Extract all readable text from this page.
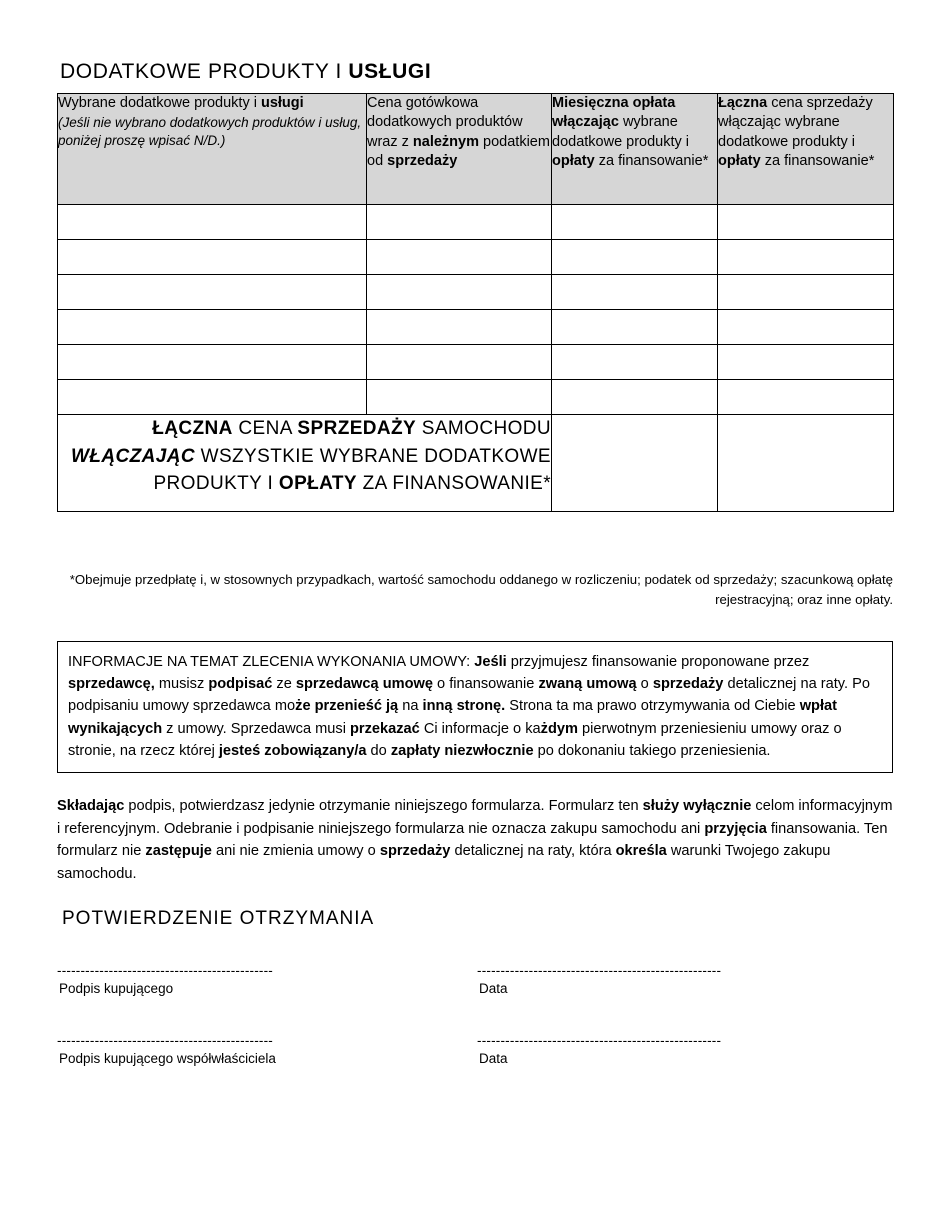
DODATKOWE PRODUKTY I USŁUGI
Wybrane dodatkowe produkty i usługi
(Jeśli nie wybrano dodatkowych produktów i usług, poniżej proszę wpisać N/D.)	Cena gotówkowa dodatkowych produktów wraz z należnym podatkiem od sprzedaży	Miesięczna opłata włączając wybrane dodatkowe produkty i opłaty za finansowanie*	Łączna cena sprzedaży włączając wybrane dodatkowe produkty i opłaty za finansowanie*

ŁĄCZNA CENA SPRZEDAŻY SAMOCHODU WŁĄCZAJĄC WSZYSTKIE WYBRANE DODATKOWE PRODUKTY I OPŁATY ZA FINANSOWANIE*			
*Obejmuje przedpłatę i, w stosownych przypadkach, wartość samochodu oddanego w rozliczeniu; podatek od sprzedaży; szacunkową opłatę rejestracyjną; oraz inne opłaty.
INFORMACJE NA TEMAT ZLECENIA WYKONANIA UMOWY: Jeśli przyjmujesz finansowanie proponowane przez sprzedawcę, musisz podpisać ze sprzedawcą umowę o finansowanie zwaną umową o sprzedaży detalicznej na raty. Po podpisaniu umowy sprzedawca może przenieść ją na inną stronę. Strona ta ma prawo otrzymywania od Ciebie wpłat wynikających z umowy. Sprzedawca musi przekazać Ci informacje o każdym pierwotnym przeniesieniu umowy oraz o stronie, na rzecz której jesteś zobowiązany/a do zapłaty niezwłocznie po dokonaniu takiego przeniesienia.
Składając podpis, potwierdzasz jedynie otrzymanie niniejszego formularza. Formularz ten służy wyłącznie celom informacyjnym i referencyjnym. Odebranie i podpisanie niniejszego formularza nie oznacza zakupu samochodu ani przyjęcia finansowania. Ten formularz nie zastępuje ani nie zmienia umowy o sprzedaży detalicznej na raty, która określa warunki Twojego zakupu samochodu.
POTWIERDZENIE OTRZYMANIA
----------------------------------------------	----------------------------------------------------
Podpis kupującego	Data
----------------------------------------------	----------------------------------------------------
Podpis kupującego współwłaściciela	Data
